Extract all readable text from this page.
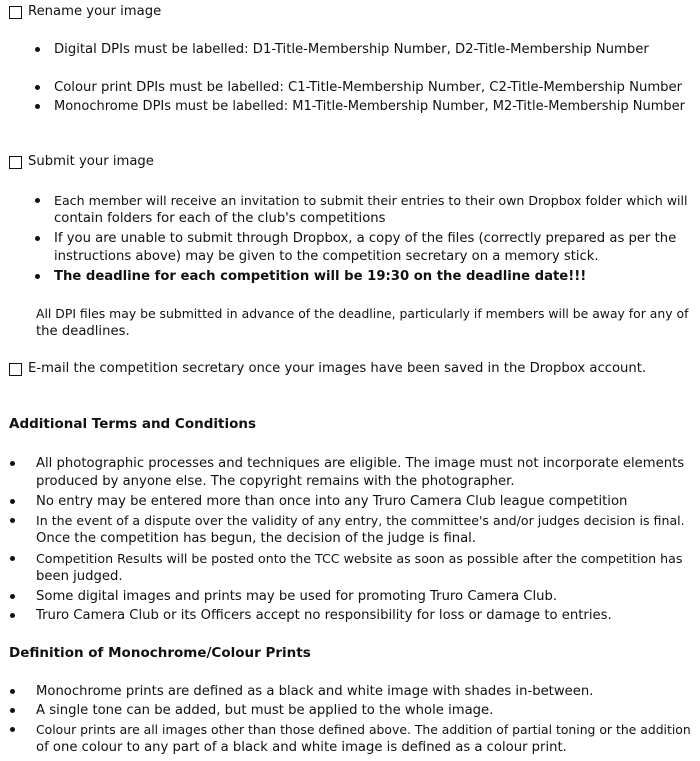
Rename your image
Digital DPIs must be labelled: D1-Title-Membership Number, D2-Title-Membership Number
Colour print DPIs must be labelled: C1-Title-Membership Number, C2-Title-Membership Number
Monochrome DPIs must be labelled: M1-Title-Membership Number, M2-Title-Membership Number
Submit your image
Each member will receive an invitation to submit their entries to their own Dropbox folder which will
contain folders for each of the club's competitions
If you are unable to submit through Dropbox, a copy of the files (correctly prepared as per the
instructions above) may be given to the competition secretary on a memory stick.
The deadline for each competition will be 19:30 on the deadline date!!!
All DPI files may be submitted in advance of the deadline, particularly if members will be away for any of
the deadlines.
E-mail the competition secretary once your images have been saved in the Dropbox account.
Additional Terms and Conditions
All photographic processes and techniques are eligible. The image must not incorporate elements
produced by anyone else. The copyright remains with the photographer.
No entry may be entered more than once into any Truro Camera Club league competition
In the event of a dispute over the validity of any entry, the committee's and/or judges decision is final.
Once the competition has begun, the decision of the judge is final.
Competition Results will be posted onto the TCC website as soon as possible after the competition has
been judged.
Some digital images and prints may be used for promoting Truro Camera Club.
Truro Camera Club or its Officers accept no responsibility for loss or damage to entries.
Definition of Monochrome/Colour Prints
Monochrome prints are defined as a black and white image with shades in-between.
A single tone can be added, but must be applied to the whole image.
Colour prints are all images other than those defined above. The addition of partial toning or the addition
of one colour to any part of a black and white image is defined as a colour print.
